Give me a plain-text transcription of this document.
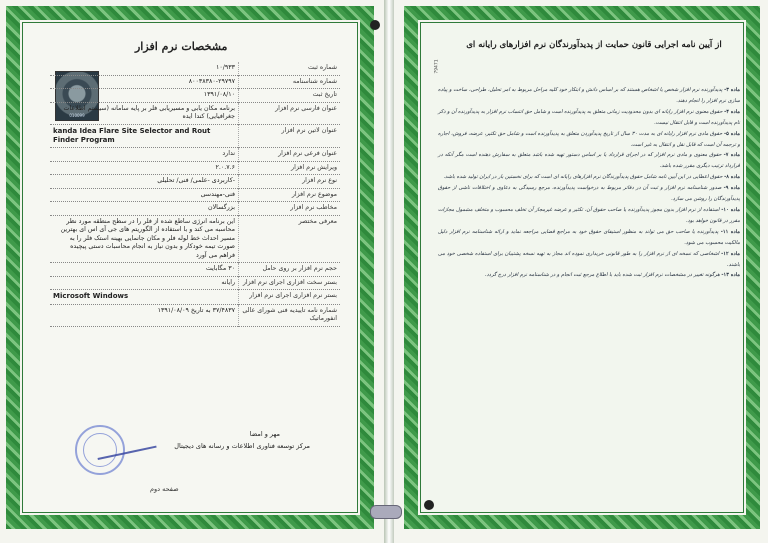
مشخصات نرم افزار
010099
شماره ثبت	۱۰/۹۳۳
شماره شناسنامه	۸۰۰۳۸۳۸۰-۲۹۷۹۷
تاریخ ثبت	۱۳۹۱/۰۸/۱۰
عنوان فارسی نرم افزار	برنامه مکان یابی و مسیریابی فلر بر پایه سامانه (سیستم اطلاعات جغرافیایی) کندا ایده
عنوان لاتین نرم افزار	kanda Idea Flare Site Selector and Rout Finder Program
عنوان فرعی نرم افزار	ندارد
ویرایش نرم افزار	۲.۰.۷.۶
نوع نرم افزار	-کاربردی -علمی/ فنی/ تحلیلی
موضوع نرم افزار	فنی-مهندسی
مخاطب نرم افزار	بزرگسالان
معرفی مختصر	این برنامه انرژی ساطع شده از فلر را در سطح منطقه مورد نظر محاسبه می کند و با استفاده از الگوریتم های جی آی اس ای بهترین مسیر احداث خط لوله فلر و مکان جانمایی بهینه استک فلر را به صورت تیمه خودکار و بدون نیاز به انجام محاسبات دستی پیچیده فراهم می آورد
حجم نرم افزار بر روی حامل	۳۰ مگابایت
بستر سخت افزاری اجرای نرم افزار	رایانه
بستر نرم افزاری اجرای نرم افزار	Microsoft Windows
شماره نامه تاییدیه فنی شورای عالی انفورماتیک	۳۷/۴۸۳۷ به تاریخ ۱۳۹۱/۰۸/۰۹
مهر و امضا
مرکز توسعه فناوری اطلاعات و رسانه های دیجیتال
صفحه دوم
از آیین نامه اجرایی قانون حمایت از پدیدآورندگان نرم افزارهای رایانه ای
79471

ماده ۳- پدیدآورنده نرم افزار شخص یا اشخاص هستند که بر اساس دانش و ابتکار خود کلیه مراحل مربوط به امر تحلیل، طراحی، ساخت و پیاده سازی نرم افزار را انجام دهند.

ماده ۴- حقوق معنوی نرم افزار رایانه ای بدون محدودیت زمانی متعلق به پدیدآورنده است و شامل حق انتساب نرم افزار به پدیدآورنده آن و ذکر نام پدیدآورنده است و قابل انتقال نیست.

ماده ۵- حقوق مادی نرم افزار رایانه ای به مدت ۳۰ سال از تاریخ پدیدآوردن متعلق به پدیدآورنده است و شامل حق تکثیر، عرضه، فروش، اجاره و ترجمه آن است که قابل نقل و انتقال به غیر است.

ماده ۷- حقوق معنوی و مادی نرم افزار که در اجرای قرارداد یا بر اساس دستور تهیه شده باشد متعلق به سفارش دهنده است مگر آنکه در قرارداد ترتیب دیگری مقرر شده باشد.

ماده ۸- حقوق اعطایی در این آیین نامه شامل حقوق پدیدآورندگان نرم افزارهای رایانه ای است که برای نخستین بار در ایران تولید شده باشد.

ماده ۹- صدور شناسنامه نرم افزار و ثبت آن در دفاتر مربوط به درخواست پدیدآورنده، مرجع رسیدگی به دعاوی و اختلافات ناشی از حقوق پدیدآورندگان را روشن می سازد.

ماده ۱۰- استفاده از نرم افزار بدون مجوز پدیدآورنده یا صاحب حقوق آن، تکثیر و عرضه غیرمجاز آن تخلف محسوب و متخلف مشمول مجازات مقرر در قانون خواهد بود.

ماده ۱۱- پدیدآورنده یا صاحب حق می تواند به منظور استیفای حقوق خود به مراجع قضایی مراجعه نماید و ارائه شناسنامه نرم افزار دلیل مالکیت محسوب می شود.

ماده ۱۲- اشخاصی که نسخه ای از نرم افزار را به طور قانونی خریداری نموده اند مجاز به تهیه نسخه پشتیبان برای استفاده شخصی خود می باشند.

ماده ۱۳- هرگونه تغییر در مشخصات نرم افزار ثبت شده باید با اطلاع مرجع ثبت انجام و در شناسنامه نرم افزار درج گردد.
